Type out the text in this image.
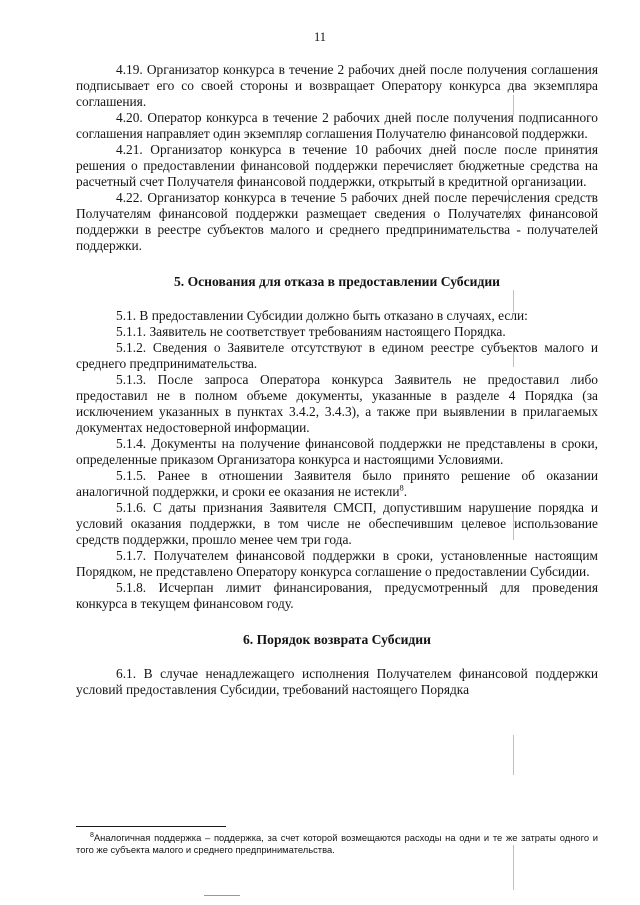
11

4.19. Организатор конкурса в течение 2 рабочих дней после получения соглашения подписывает его со своей стороны и возвращает Оператору конкурса два экземпляра соглашения.

4.20. Оператор конкурса в течение 2 рабочих дней после получения подписанного соглашения направляет один экземпляр соглашения Получателю финансовой поддержки.

4.21. Организатор конкурса в течение 10 рабочих дней после после принятия решения о предоставлении финансовой поддержки перечисляет бюджетные средства на расчетный счет Получателя финансовой поддержки, открытый в кредитной организации.

4.22. Организатор конкурса в течение 5 рабочих дней после перечисления средств Получателям финансовой поддержки размещает сведения о Получателях финансовой поддержки в реестре субъектов малого и среднего предпринимательства - получателей поддержки.

5. Основания для отказа в предоставлении Субсидии

5.1. В предоставлении Субсидии должно быть отказано в случаях, если:

5.1.1. Заявитель не соответствует требованиям настоящего Порядка.

5.1.2. Сведения о Заявителе отсутствуют в едином реестре субъектов малого и среднего предпринимательства.

5.1.3. После запроса Оператора конкурса Заявитель не предоставил либо предоставил не в полном объеме документы, указанные в разделе 4 Порядка (за исключением указанных в пунктах 3.4.2, 3.4.3), а также при выявлении в прилагаемых документах недостоверной информации.

5.1.4. Документы на получение финансовой поддержки не представлены в сроки, определенные приказом Организатора конкурса и настоящими Условиями.

5.1.5. Ранее в отношении Заявителя было принято решение об оказании аналогичной поддержки, и сроки ее оказания не истекли$^8$.

5.1.6. С даты признания Заявителя СМСП, допустившим нарушение порядка и условий оказания поддержки, в том числе не обеспечившим целевое использование средств поддержки, прошло менее чем три года.

5.1.7. Получателем финансовой поддержки в сроки, установленные настоящим Порядком, не представлено Оператору конкурса соглашение о предоставлении Субсидии.

5.1.8. Исчерпан лимит финансирования, предусмотренный для проведения конкурса в текущем финансовом году.

6. Порядок возврата Субсидии

6.1. В случае ненадлежащего исполнения Получателем финансовой поддержки условий предоставления Субсидии, требований настоящего Порядка

$^8$Аналогичная поддержка – поддержка, за счет которой возмещаются расходы на одни и те же затраты одного и того же субъекта малого и среднего предпринимательства.
